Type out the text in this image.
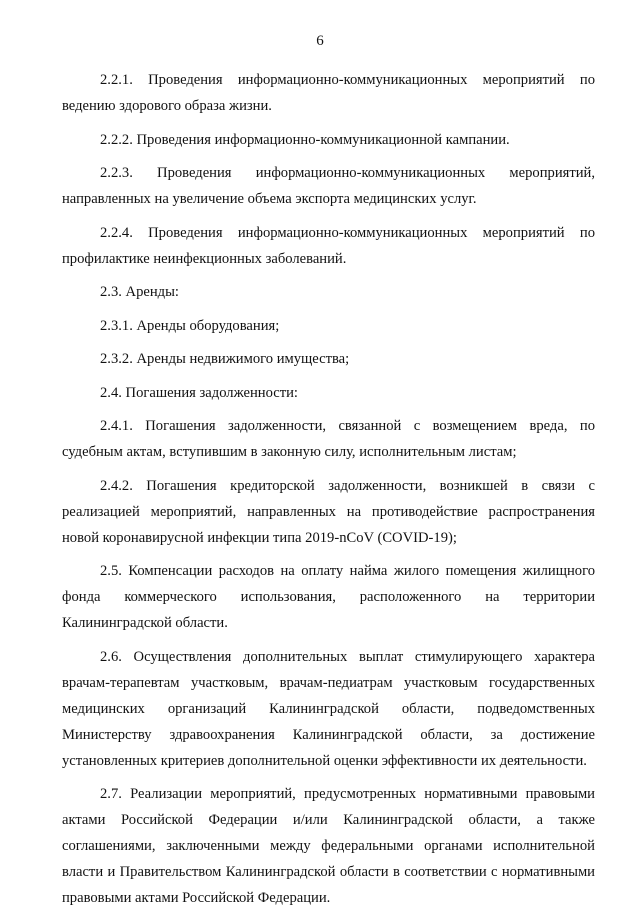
6

2.2.1. Проведения информационно-коммуникационных мероприятий по ведению здорового образа жизни.

2.2.2. Проведения информационно-коммуникационной кампании.

2.2.3. Проведения информационно-коммуникационных мероприятий, направленных на увеличение объема экспорта медицинских услуг.

2.2.4. Проведения информационно-коммуникационных мероприятий по профилактике неинфекционных заболеваний.

2.3. Аренды:

2.3.1. Аренды оборудования;

2.3.2. Аренды недвижимого имущества;

2.4. Погашения задолженности:

2.4.1. Погашения задолженности, связанной с возмещением вреда, по судебным актам, вступившим в законную силу, исполнительным листам;

2.4.2. Погашения кредиторской задолженности, возникшей в связи с реализацией мероприятий, направленных на противодействие распространения новой коронавирусной инфекции типа 2019-nCoV (COVID-19);

2.5. Компенсации расходов на оплату найма жилого помещения жилищного фонда коммерческого использования, расположенного на территории Калининградской области.

2.6. Осуществления дополнительных выплат стимулирующего характера врачам-терапевтам участковым, врачам-педиатрам участковым государственных медицинских организаций Калининградской области, подведомственных Министерству здравоохранения Калининградской области, за достижение установленных критериев дополнительной оценки эффективности их деятельности.

2.7. Реализации мероприятий, предусмотренных нормативными правовыми актами Российской Федерации и/или Калининградской области, а также соглашениями, заключенными между федеральными органами исполнительной власти и Правительством Калининградской области в соответствии с нормативными правовыми актами Российской Федерации.
